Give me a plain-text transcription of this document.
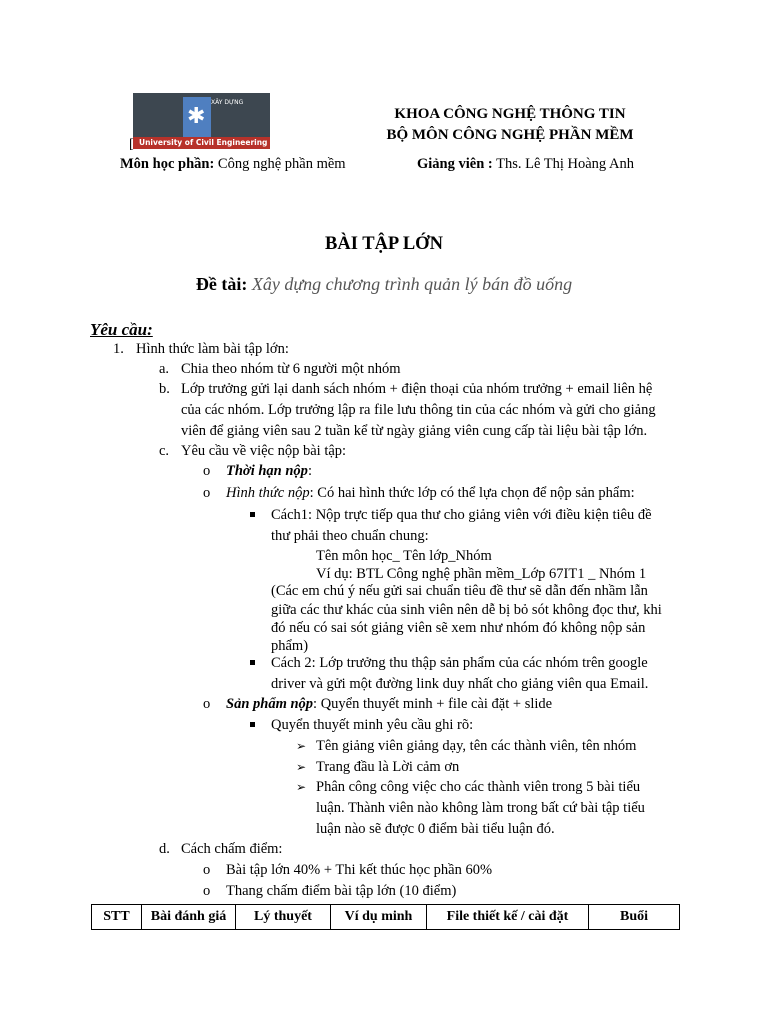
✱
XÂY DỰNG
University of Civil Engineering
[
KHOA CÔNG NGHỆ THÔNG TIN
BỘ MÔN CÔNG NGHỆ PHẦN MỀM
Môn học phần: Công nghệ phần mềm	Giảng viên : Ths. Lê Thị Hoàng Anh
BÀI TẬP LỚN
Đề tài: Xây dựng chương trình quản lý bán đồ uống
Yêu cầu:
1. Hình thức làm bài tập lớn:
a. Chia theo nhóm từ 6 người một nhóm
b. Lớp trưởng gửi lại danh sách nhóm + điện thoại của nhóm trưởng + email liên hệ
của các nhóm. Lớp trưởng lập ra file lưu thông tin của các nhóm và gửi cho giảng
viên để giảng viên sau 2 tuần kể từ ngày giảng viên cung cấp tài liệu bài tập lớn.
c. Yêu cầu về việc nộp bài tập:
o Thời hạn nộp:
o Hình thức nộp: Có hai hình thức lớp có thể lựa chọn để nộp sản phẩm:
Cách1: Nộp trực tiếp qua thư cho giảng viên với điều kiện tiêu đề
thư phải theo chuẩn chung:
Tên môn học_ Tên lớp_Nhóm
Ví dụ: BTL Công nghệ phần mềm_Lớp 67IT1 _ Nhóm 1
(Các em chú ý nếu gửi sai chuẩn tiêu đề thư sẽ dẫn đến nhầm lẫn
giữa các thư khác của sinh viên nên dễ bị bỏ sót không đọc thư, khi
đó nếu có sai sót giảng viên sẽ xem như nhóm đó không nộp sản
phẩm)
Cách 2: Lớp trưởng thu thập sản phẩm của các nhóm trên google
driver và gửi một đường link duy nhất cho giảng viên qua Email.
o Sản phẩm nộp: Quyển thuyết minh + file cài đặt + slide
Quyển thuyết minh yêu cầu ghi rõ:
➢ Tên giảng viên giảng dạy, tên các thành viên, tên nhóm
➢ Trang đầu là Lời cảm ơn
➢ Phân công công việc cho các thành viên trong 5 bài tiểu
luận. Thành viên nào không làm trong bất cứ bài tập tiểu
luận nào sẽ được 0 điểm bài tiểu luận đó.
d. Cách chấm điểm:
o Bài tập lớn 40% + Thi kết thúc học phần 60%
o Thang chấm điểm bài tập lớn (10 điểm)
STT	Bài đánh giá	Lý thuyết	Ví dụ minh	File thiết kế / cài đặt	Buổi
